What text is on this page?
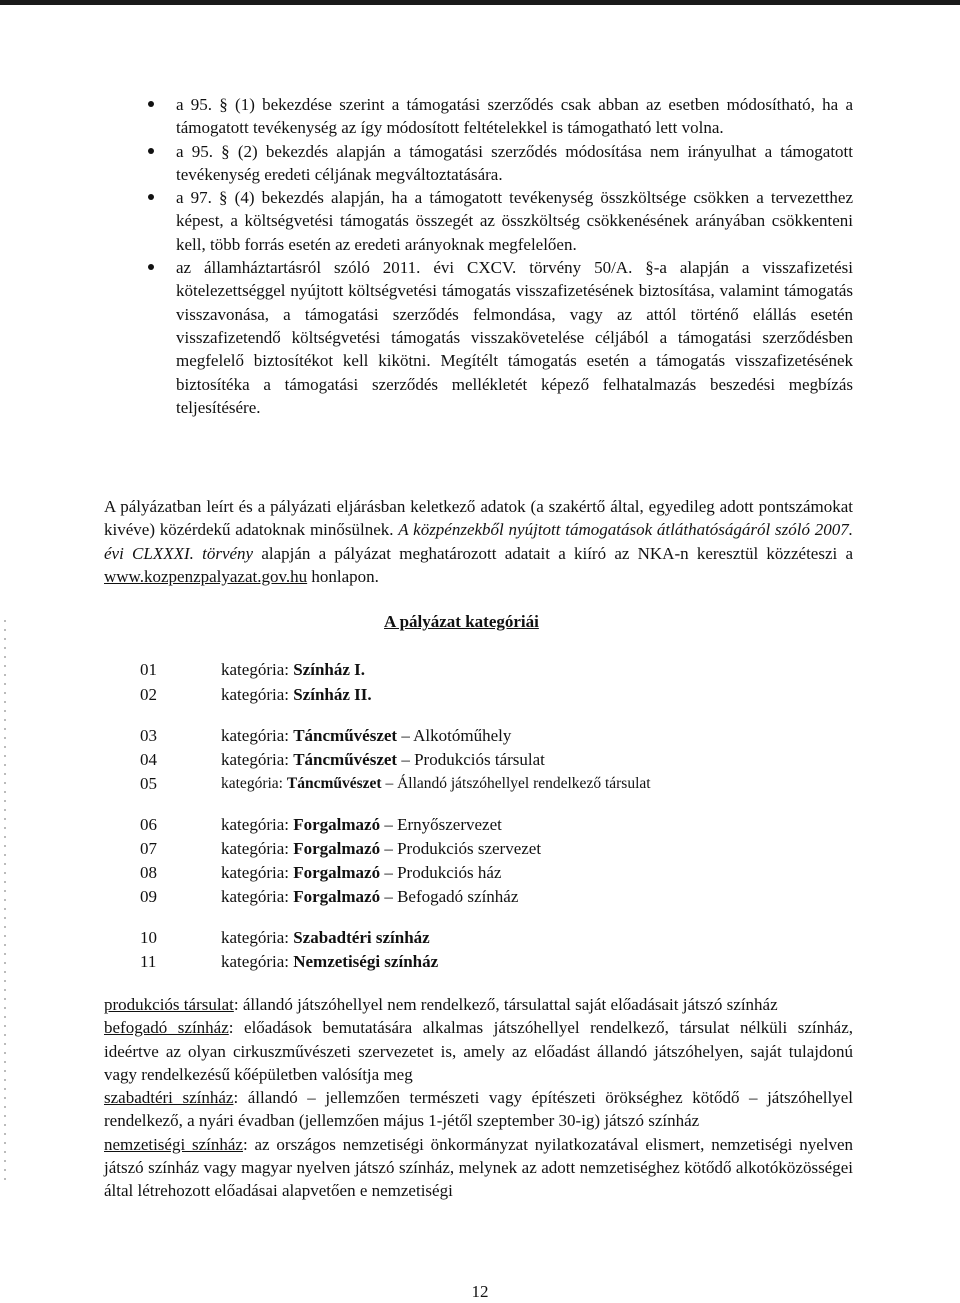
a 95. § (1) bekezdése szerint a támogatási szerződés csak abban az esetben módosítható, ha a támogatott tevékenység az így módosított feltételekkel is támogatható lett volna.
a 95. § (2) bekezdés alapján a támogatási szerződés módosítása nem irányulhat a támogatott tevékenység eredeti céljának megváltoztatására.
a 97. § (4) bekezdés alapján, ha a támogatott tevékenység összköltsége csökken a tervezetthez képest, a költségvetési támogatás összegét az összköltség csökkenésének arányában csökkenteni kell, több forrás esetén az eredeti arányoknak megfelelően.
az államháztartásról szóló 2011. évi CXCV. törvény 50/A. §-a alapján a visszafizetési kötelezettséggel nyújtott költségvetési támogatás visszafizetésének biztosítása, valamint támogatás visszavonása, a támogatási szerződés felmondása, vagy az attól történő elállás esetén visszafizetendő költségvetési támogatás visszakövetelése céljából a támogatási szerződésben megfelelő biztosítékot kell kikötni. Megítélt támogatás esetén a támogatás visszafizetésének biztosítéka a támogatási szerződés mellékletét képező felhatalmazás beszedési megbízás teljesítésére.

A pályázatban leírt és a pályázati eljárásban keletkező adatok (a szakértő által, egyedileg adott pontszámokat kivéve) közérdekű adatoknak minősülnek. A közpénzekből nyújtott támogatások átláthatóságáról szóló 2007. évi CLXXXI. törvény alapján a pályázat meghatározott adatait a kiíró az NKA-n keresztül közzéteszi a www.kozpenzpalyazat.gov.hu honlapon.

A pályázat kategóriái
01	kategória: Színház I.
02	kategória: Színház II.
03	kategória: Táncművészet – Alkotóműhely
04	kategória: Táncművészet – Produkciós társulat
05	kategória: Táncművészet – Állandó játszóhellyel rendelkező társulat
06	kategória: Forgalmazó – Ernyőszervezet
07	kategória: Forgalmazó – Produkciós szervezet
08	kategória: Forgalmazó – Produkciós ház
09	kategória: Forgalmazó – Befogadó színház
10	kategória: Szabadtéri színház
11	kategória: Nemzetiségi színház

produkciós társulat: állandó játszóhellyel nem rendelkező, társulattal saját előadásait játszó színház

befogadó színház: előadások bemutatására alkalmas játszóhellyel rendelkező, társulat nélküli színház, ideértve az olyan cirkuszművészeti szervezetet is, amely az előadást állandó játszóhelyen, saját tulajdonú vagy rendelkezésű kőépületben valósítja meg

szabadtéri színház: állandó – jellemzően természeti vagy építészeti örökséghez kötődő – játszóhellyel rendelkező, a nyári évadban (jellemzően május 1-jétől szeptember 30-ig) játszó színház

nemzetiségi színház: az országos nemzetiségi önkormányzat nyilatkozatával elismert, nemzetiségi nyelven játszó színház vagy magyar nyelven játszó színház, melynek az adott nemzetiséghez kötődő alkotóközösségei által létrehozott előadásai alapvetően e nemzetiségi

12
